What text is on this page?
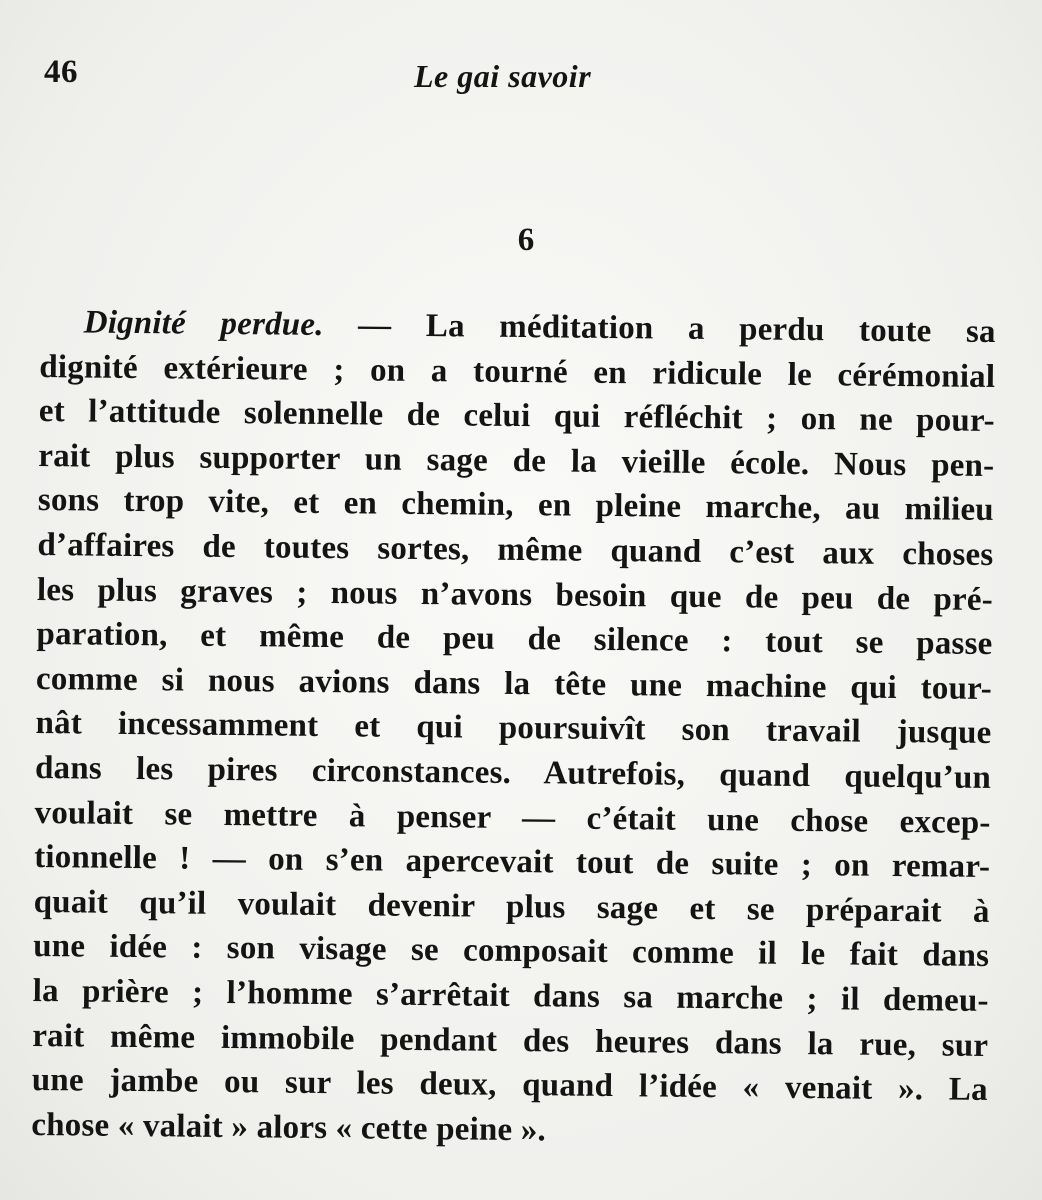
46	Le gai savoir
6
Dignité perdue. — La méditation a perdu toute sa
dignité extérieure ; on a tourné en ridicule le cérémonial
et l’attitude solennelle de celui qui réfléchit ; on ne pour-
rait plus supporter un sage de la vieille école. Nous pen-
sons trop vite, et en chemin, en pleine marche, au milieu
d’affaires de toutes sortes, même quand c’est aux choses
les plus graves ; nous n’avons besoin que de peu de pré-
paration, et même de peu de silence : tout se passe
comme si nous avions dans la tête une machine qui tour-
nât incessamment et qui poursuivît son travail jusque
dans les pires circonstances. Autrefois, quand quelqu’un
voulait se mettre à penser — c’était une chose excep-
tionnelle ! — on s’en apercevait tout de suite ; on remar-
quait qu’il voulait devenir plus sage et se préparait à
une idée : son visage se composait comme il le fait dans
la prière ; l’homme s’arrêtait dans sa marche ; il demeu-
rait même immobile pendant des heures dans la rue, sur
une jambe ou sur les deux, quand l’idée « venait ». La
chose « valait » alors « cette peine ».
